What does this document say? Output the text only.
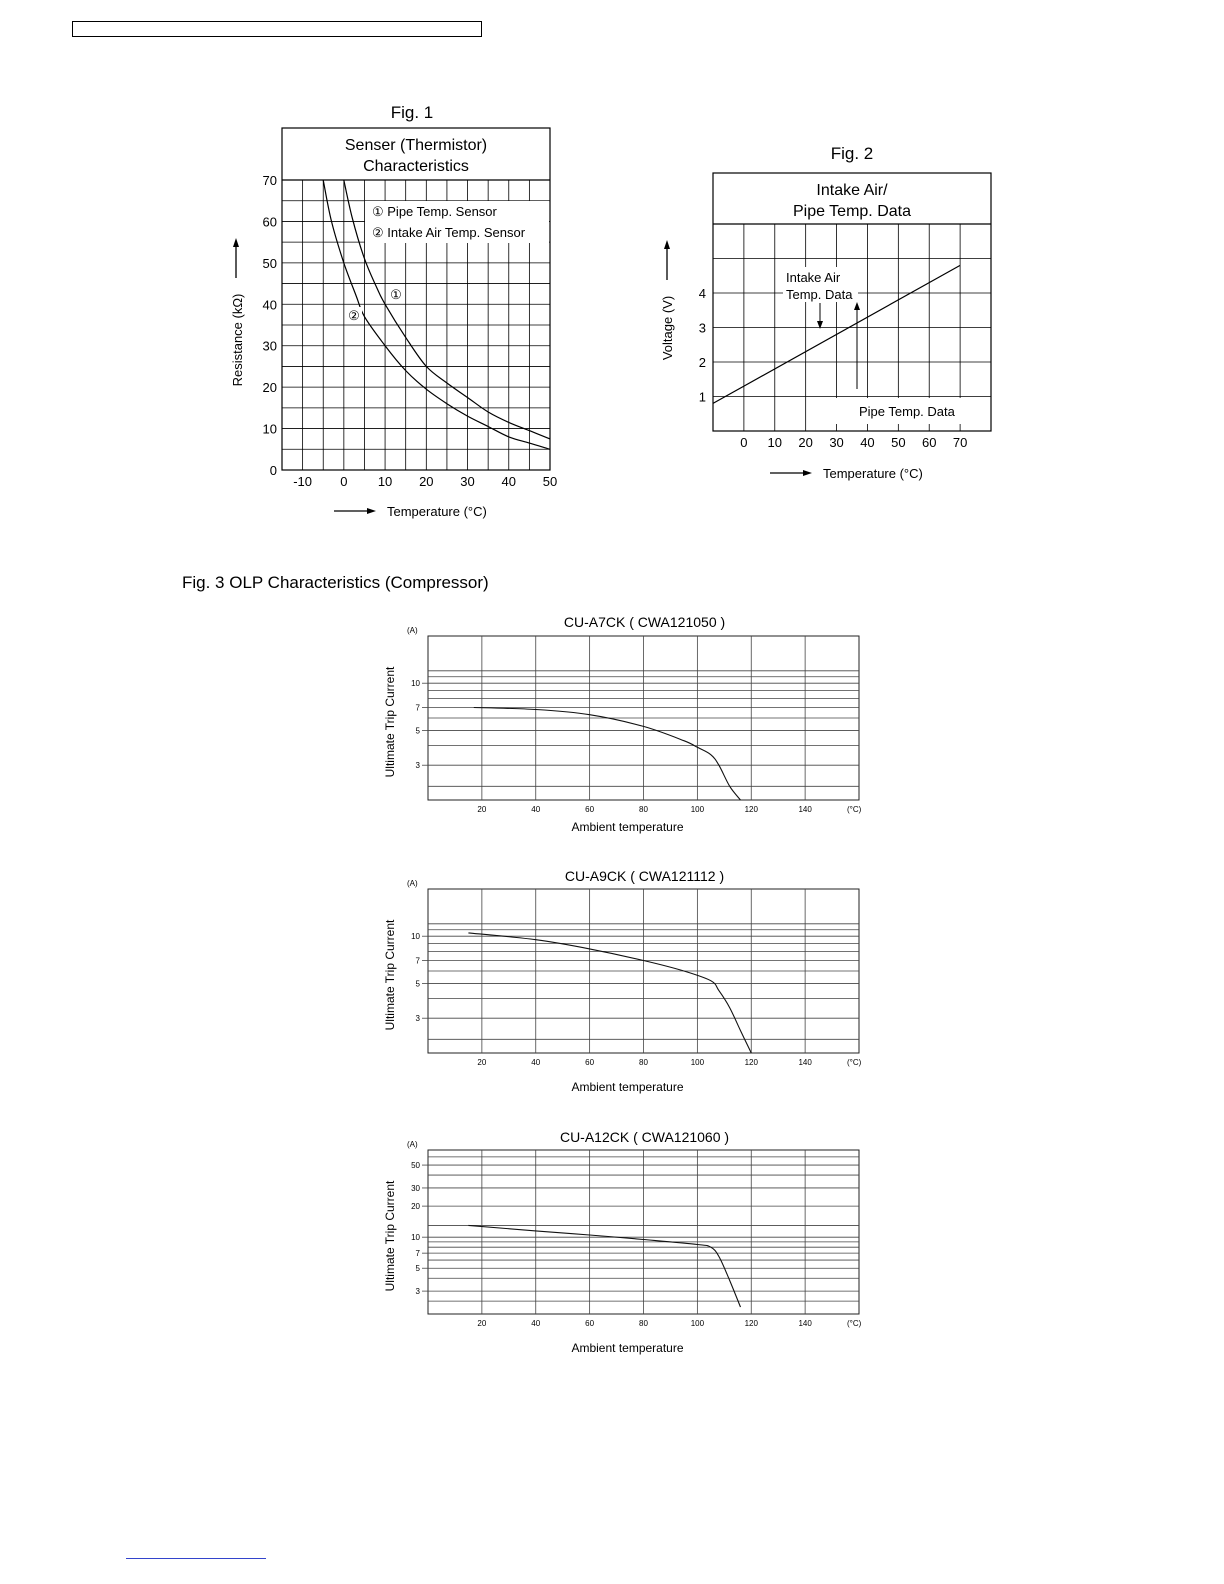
Fig. 1
Senser (Thermistor)
Characteristics
Resistance (kΩ)
Temperature (°C)
Fig. 2
Intake Air/
Pipe Temp. Data
Voltage (V)
Temperature (°C)
Fig. 3 OLP Characteristics (Compressor)
① Pipe Temp. Sensor
② Intake Air Temp. Sensor
①
②
-10 0 10 20 30 40 50
0
10
20
30
40
50
60
70
Intake Air
Temp. Data
Pipe Temp. Data
0 10 20 30 40 50 60 70
1
2
3
4
CU-A7CK ( CWA121050 )
10
7
5
3
(A)
20	40	60	80	100	120	140	(°C)
Ambient temperature
Ultimate Trip Current
CU-A9CK ( CWA121112 )
10
7
5
3
(A)
20	40	60	80	100	120	140	(°C)
Ambient temperature
Ultimate Trip Current
CU-A12CK ( CWA121060 )
50
30
20
10
7
5
3
(A)
20	40	60	80	100	120	140	(°C)
Ambient temperature
Ultimate Trip Current
